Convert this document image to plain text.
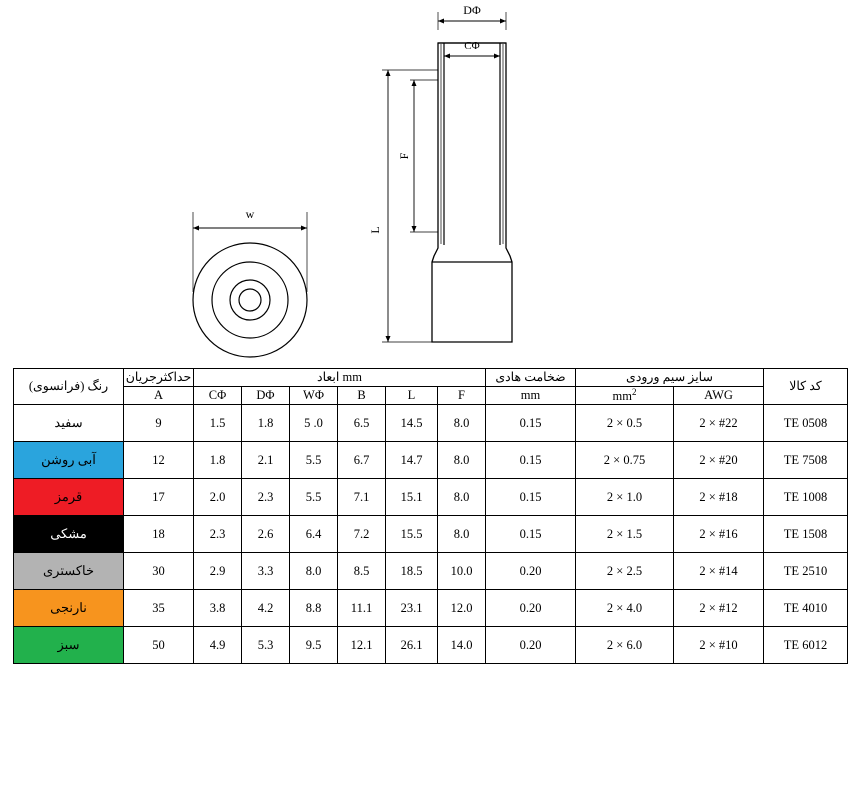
DΦ
CΦ
w
F
L
رنگ (فرانسوی)	حداکثرجریان	ابعاد mm						ضخامت هادی	سایز سیم ورودی		کد کالا
	A	CΦ	DΦ	WΦ	B	L	F	mm	$mm^2$	AWG	
سفید	9	1.5	1.8	5 .0	6.5	14.5	8.0	0.15	2 × 0.5	2 × #22	TE 0508
آبی روشن	12	1.8	2.1	5.5	6.7	14.7	8.0	0.15	2 × 0.75	2 × #20	TE 7508
قرمز	17	2.0	2.3	5.5	7.1	15.1	8.0	0.15	2 × 1.0	2 × #18	TE 1008
مشکی	18	2.3	2.6	6.4	7.2	15.5	8.0	0.15	2 × 1.5	2 × #16	TE 1508
خاکستری	30	2.9	3.3	8.0	8.5	18.5	10.0	0.20	2 × 2.5	2 × #14	TE 2510
نارنجی	35	3.8	4.2	8.8	11.1	23.1	12.0	0.20	2 × 4.0	2 × #12	TE 4010
سبز	50	4.9	5.3	9.5	12.1	26.1	14.0	0.20	2 × 6.0	2 × #10	TE 6012
